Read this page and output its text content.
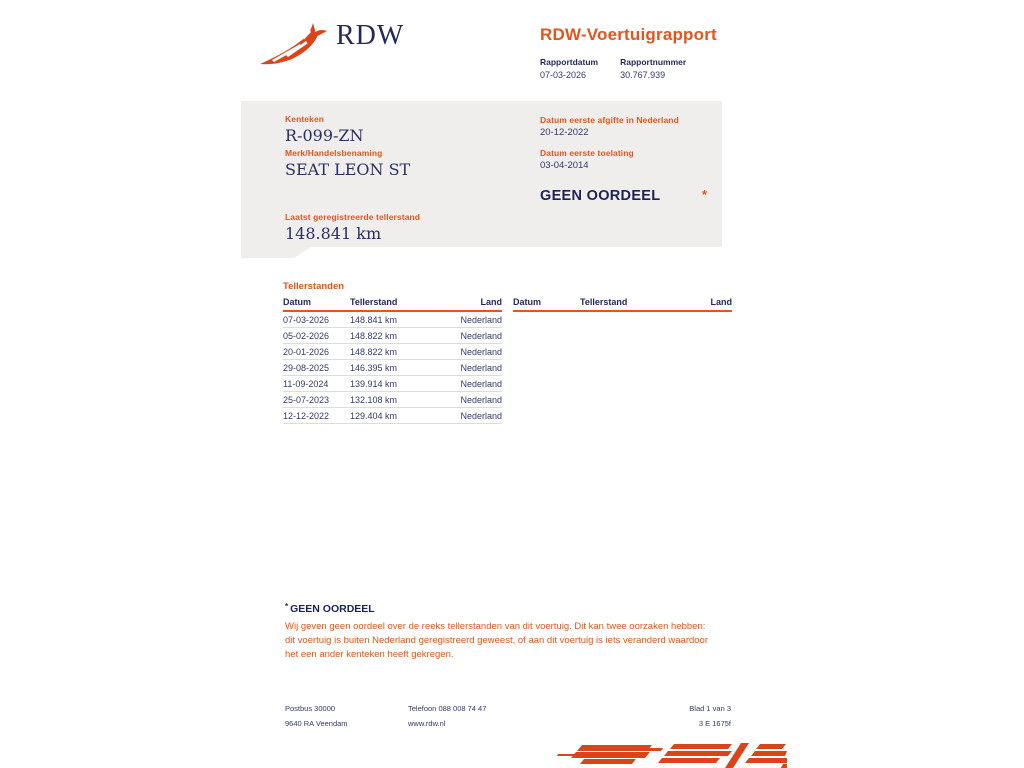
RDW	RDW-Voertuigrapport
Rapportdatum
07-03-2026
Rapportnummer
30.767.939
Kenteken
R-099-ZN
Merk/Handelsbenaming
SEAT LEON ST
Laatst geregistreerde tellerstand
148.841 km
Datum eerste afgifte in Nederland
20-12-2022
Datum eerste toelating
03-04-2014
GEEN OORDEEL	*
Tellerstanden
Datum	Tellerstand	Land
07-03-2026	148.841 km	Nederland
05-02-2026	148.822 km	Nederland
20-01-2026	148.822 km	Nederland
29-08-2025	146.395 km	Nederland
11-09-2024	139.914 km	Nederland
25-07-2023	132.108 km	Nederland
12-12-2022	129.404 km	Nederland
Datum	Tellerstand	Land
* GEEN OORDEEL
Wij geven geen oordeel over de reeks tellerstanden van dit voertuig. Dit kan twee oorzaken hebben: dit voertuig is buiten Nederland geregistreerd geweest, of aan dit voertuig is iets veranderd waardoor het een ander kenteken heeft gekregen.
Postbus 30000
9640 RA Veendam
Telefoon 088 008 74 47
www.rdw.nl
Blad 1 van 3
3 E 1675f
